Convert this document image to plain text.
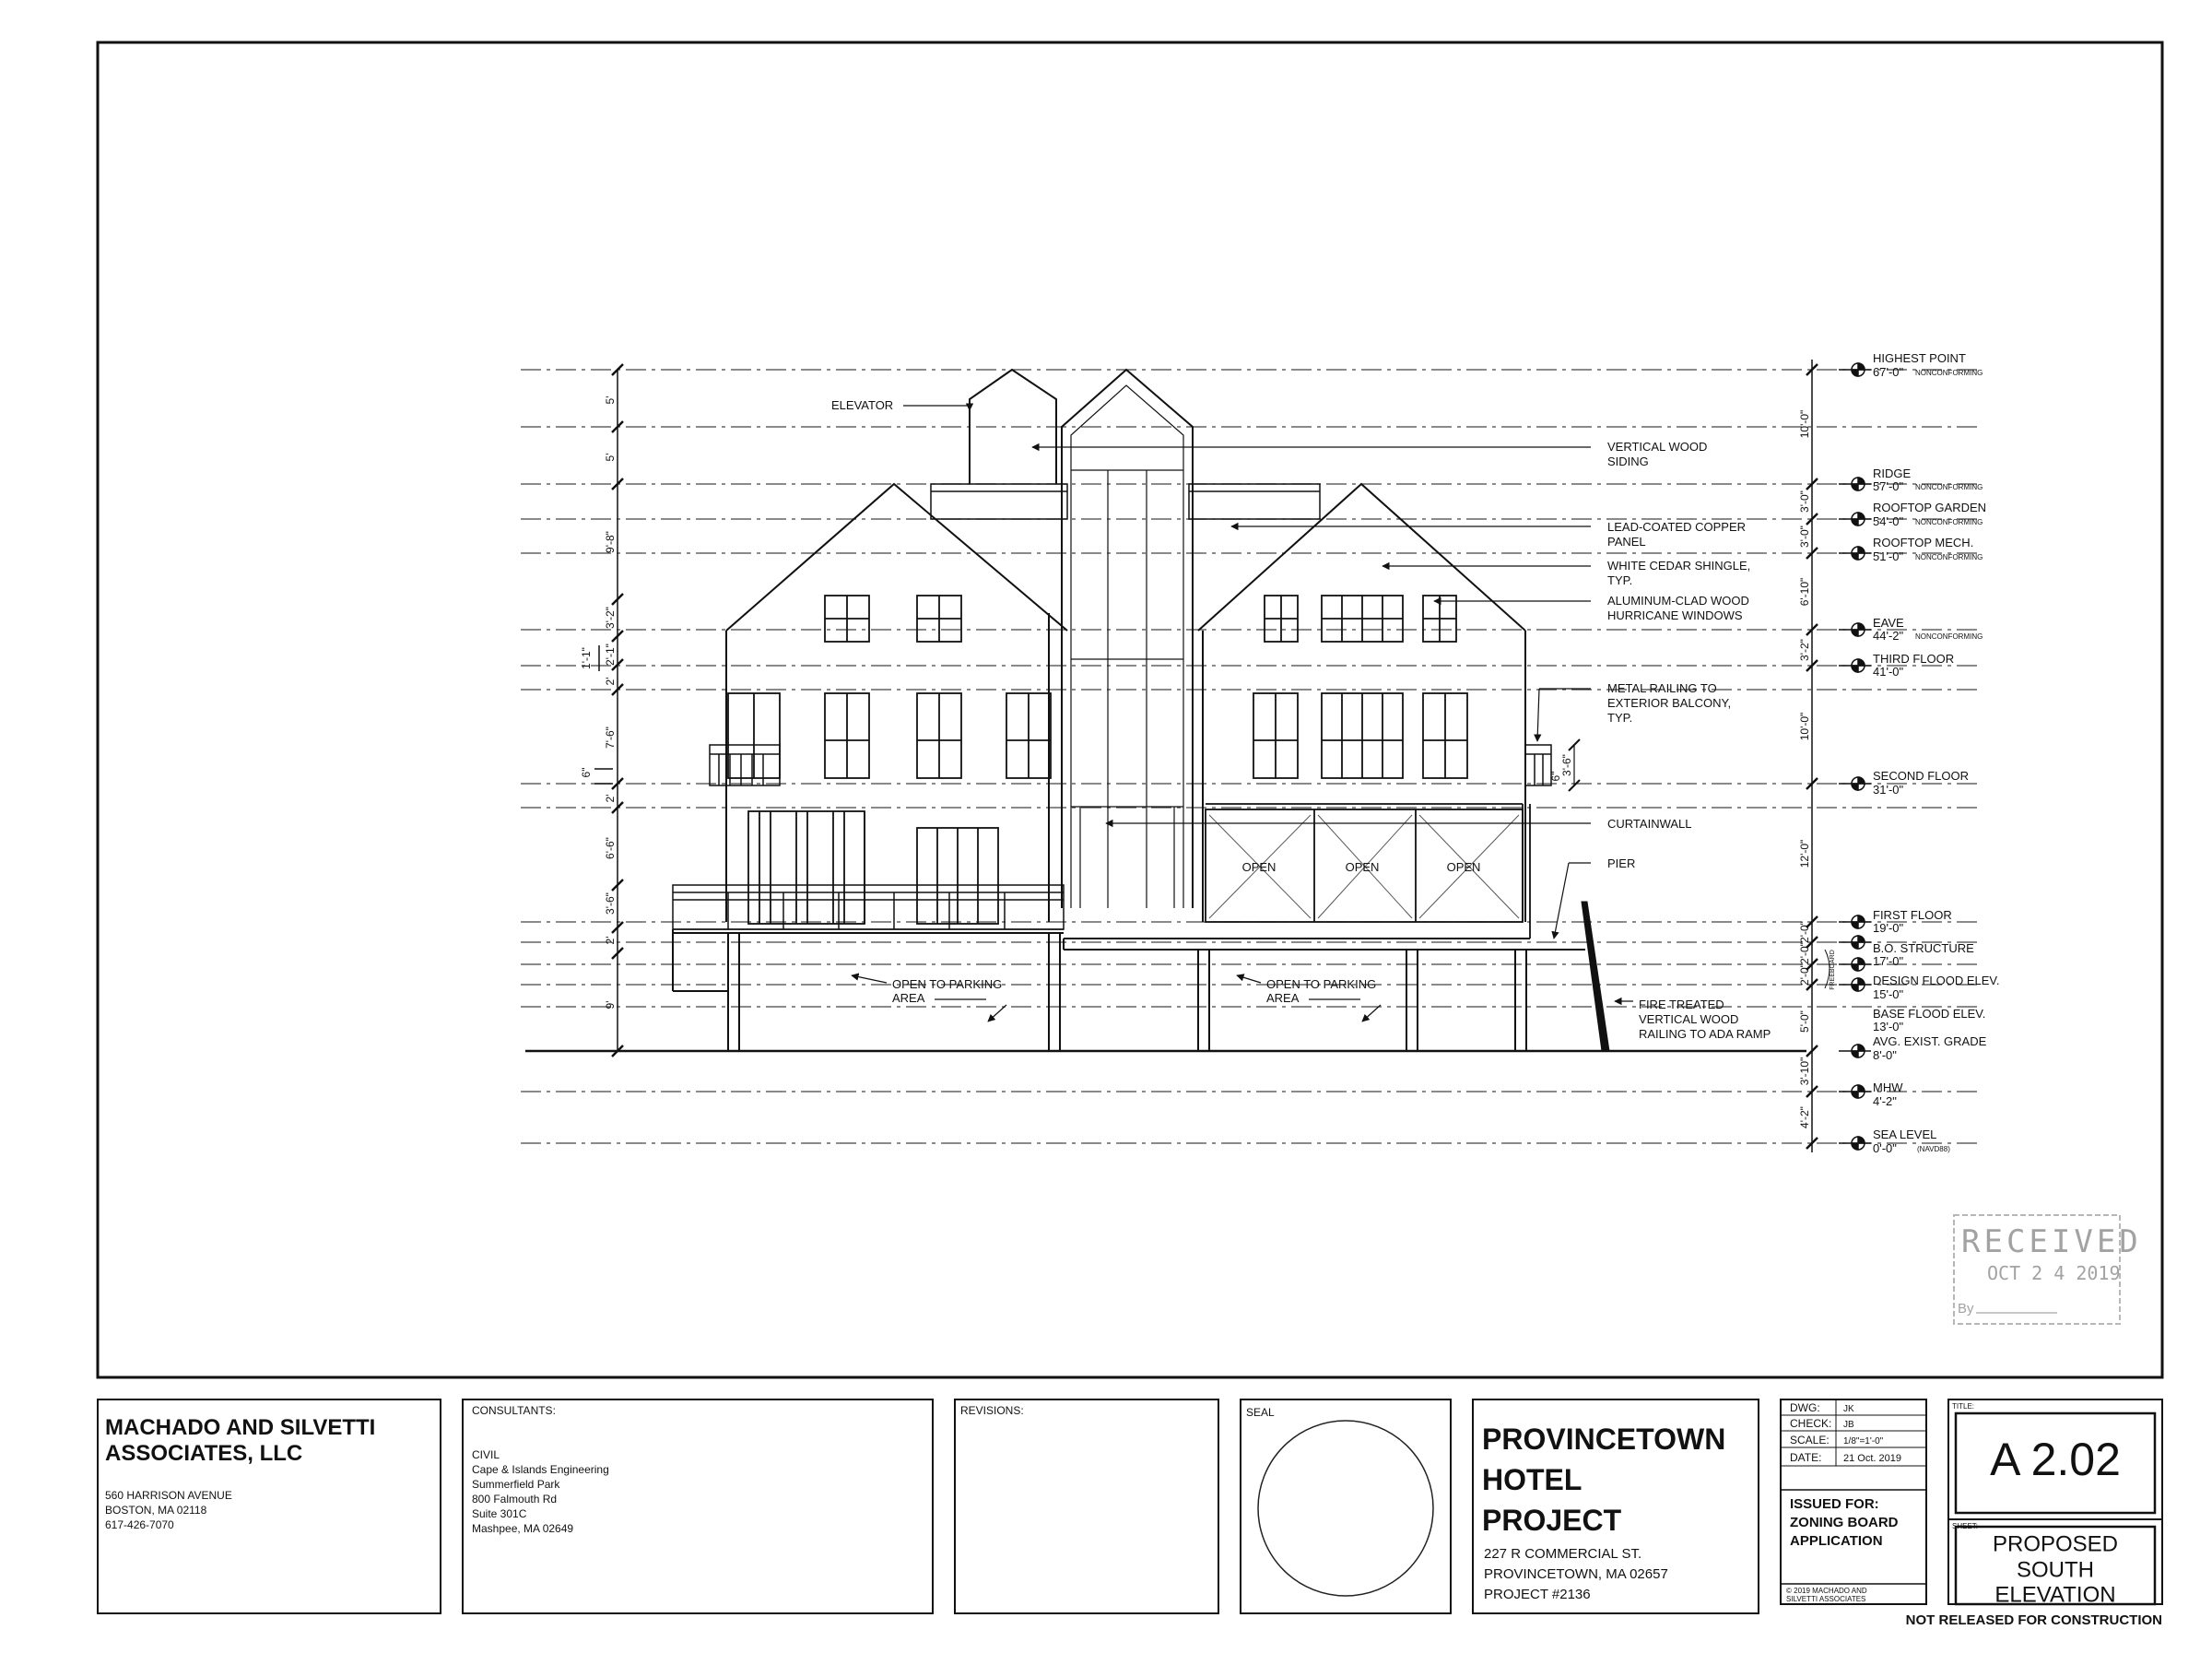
5'
5'
9'-8"
3'-2"
2'-1"
2'
7'-6"
2'
6'-6"
3'-6"
2'
9'
1'-1"
6"
OPEN	OPEN	OPEN
OPEN TO PARKING
AREA
OPEN TO PARKING
AREA
ELEVATOR
VERTICAL WOOD
SIDING
LEAD-COATED COPPER
PANEL
WHITE CEDAR SHINGLE,
TYP.
ALUMINUM-CLAD WOOD
HURRICANE WINDOWS
METAL RAILING TO
EXTERIOR BALCONY,
TYP.
CURTAINWALL
PIER
FIRE TREATED
VERTICAL WOOD
RAILING TO ADA RAMP
3'-6"
6"
10'-0"
3'-0"
3'-0"
6'-10"
3'-2"
10'-0"
12'-0"
2'-0"
2'-0"
2'-0"
5'-0"
3'-10"
4'-2"
FREEBOARD
HIGHEST POINT
67'-0" NONCONFORMING
RIDGE
57'-0" NONCONFORMING
ROOFTOP GARDEN
54'-0" NONCONFORMING
ROOFTOP MECH.
51'-0" NONCONFORMING
EAVE
44'-2" NONCONFORMING
THIRD FLOOR
41'-0"
SECOND FLOOR
31'-0"
FIRST FLOOR
19'-0"
B.O. STRUCTURE
17'-0"
DESIGN FLOOD ELEV.
15'-0"
BASE FLOOD ELEV.
13'-0"
AVG. EXIST. GRADE
8'-0"
MHW
4'-2"
SEA LEVEL
0'-0"	(NAVD88)
RECEIVED
OCT 2 4 2019
By
MACHADO AND SILVETTI
ASSOCIATES, LLC
560 HARRISON AVENUE
BOSTON, MA 02118
617-426-7070
CONSULTANTS:
CIVIL
Cape & Islands Engineering
Summerfield Park
800 Falmouth Rd
Suite 301C
Mashpee, MA 02649
REVISIONS:	SEAL
PROVINCETOWN
HOTEL
PROJECT
227 R COMMERCIAL ST.
PROVINCETOWN, MA 02657
PROJECT #2136
DWG:	JK
CHECK: JB
SCALE: 1/8"=1'-0"
DATE: 21 Oct. 2019
ISSUED FOR:
ZONING BOARD
APPLICATION
© 2019 MACHADO AND
SILVETTI ASSOCIATES
TITLE:
A 2.02
SHEET:
PROPOSED
SOUTH
ELEVATION
NOT RELEASED FOR CONSTRUCTION
